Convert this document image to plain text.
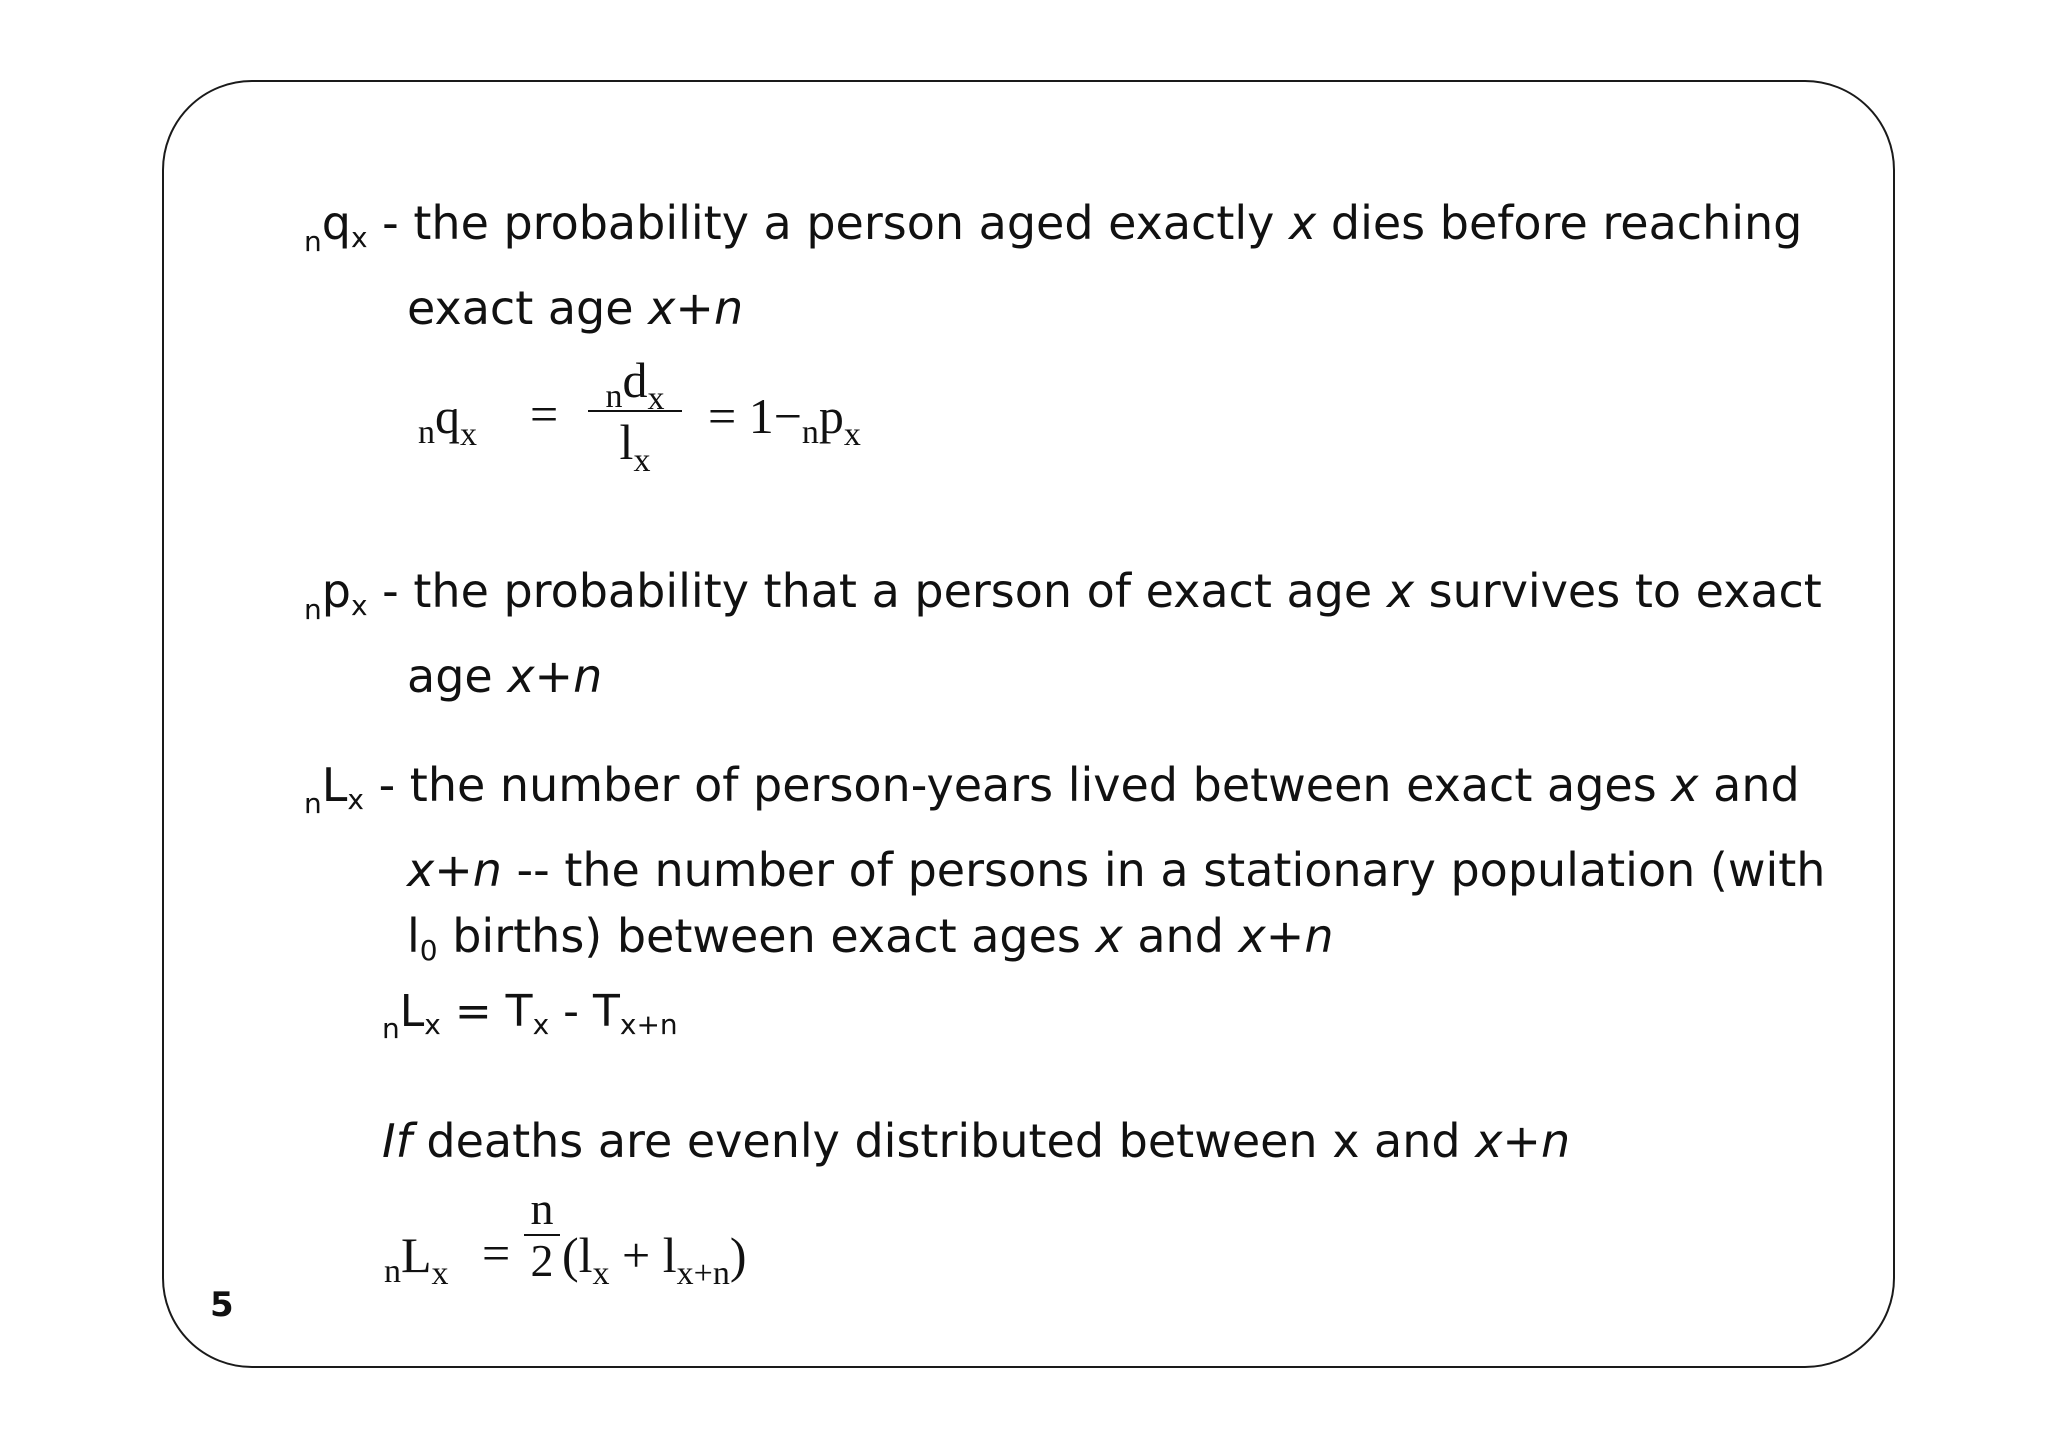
$_nq_x$ - the probability a person aged exactly x dies before reaching
exact age x+n

$_nq_x$ =	$_nd_x$
$l_x$
= $1-_np_x$

$_np_x$ - the probability that a person of exact age x survives to exact
age x+n

$_nL_x$ - the number of person-years lived between exact ages x and
x+n -- the number of persons in a stationary population (with
$l_0$ births) between exact ages x and x+n

$_nL_x = T_x - T_{x+n}$
If deaths are evenly distributed between x and x+n
$_nL_x$ =
n
2 $(l_x + l_{x+n})$
5
